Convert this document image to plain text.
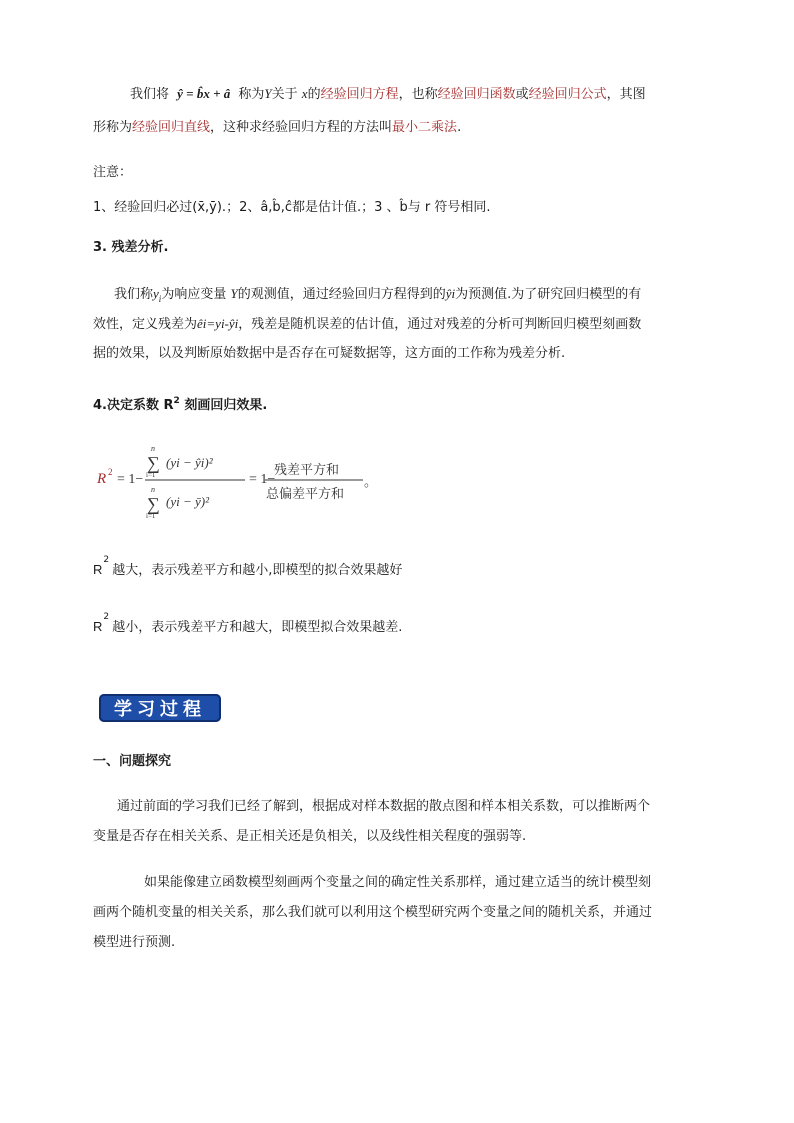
我们将 ŷ = b̂x + â 称为Y关于 x的经验回归方程，也称经验回归函数或经验回归公式，其图
形称为经验回归直线，这种求经验回归方程的方法叫最小二乘法.
注意：
1、经验回归必过(x̄,ȳ).；2、â,b̂,ĉ都是估计值.；3 、b̂与 r 符号相同.
3. 残差分析.
我们称$y_i$为响应变量 Y的观测值，通过经验回归方程得到的ŷi为预测值.为了研究回归模型的有
效性，定义残差为êi=yi-ŷi，残差是随机误差的估计值，通过对残差的分析可判断回归模型刻画数
据的效果，以及判断原始数据中是否存在可疑数据等，这方面的工作称为残差分析.
4.决定系数 $R^2$ 刻画回归效果.
R 2 = 1−
n
∑
i=1
(yi − ŷi)²
n
∑
i=1
(yi − ȳ)²
= 1−
残差平方和
总偏差平方和
。
$R^2$ 越大，表示残差平方和越小,即模型的拟合效果越好
$R^2$ 越小，表示残差平方和越大，即模型拟合效果越差.
学习过程
一、问题探究
通过前面的学习我们已经了解到，根据成对样本数据的散点图和样本相关系数，可以推断两个
变量是否存在相关关系、是正相关还是负相关，以及线性相关程度的强弱等.
如果能像建立函数模型刻画两个变量之间的确定性关系那样，通过建立适当的统计模型刻
画两个随机变量的相关关系，那么我们就可以利用这个模型研究两个变量之间的随机关系，并通过
模型进行预测.
